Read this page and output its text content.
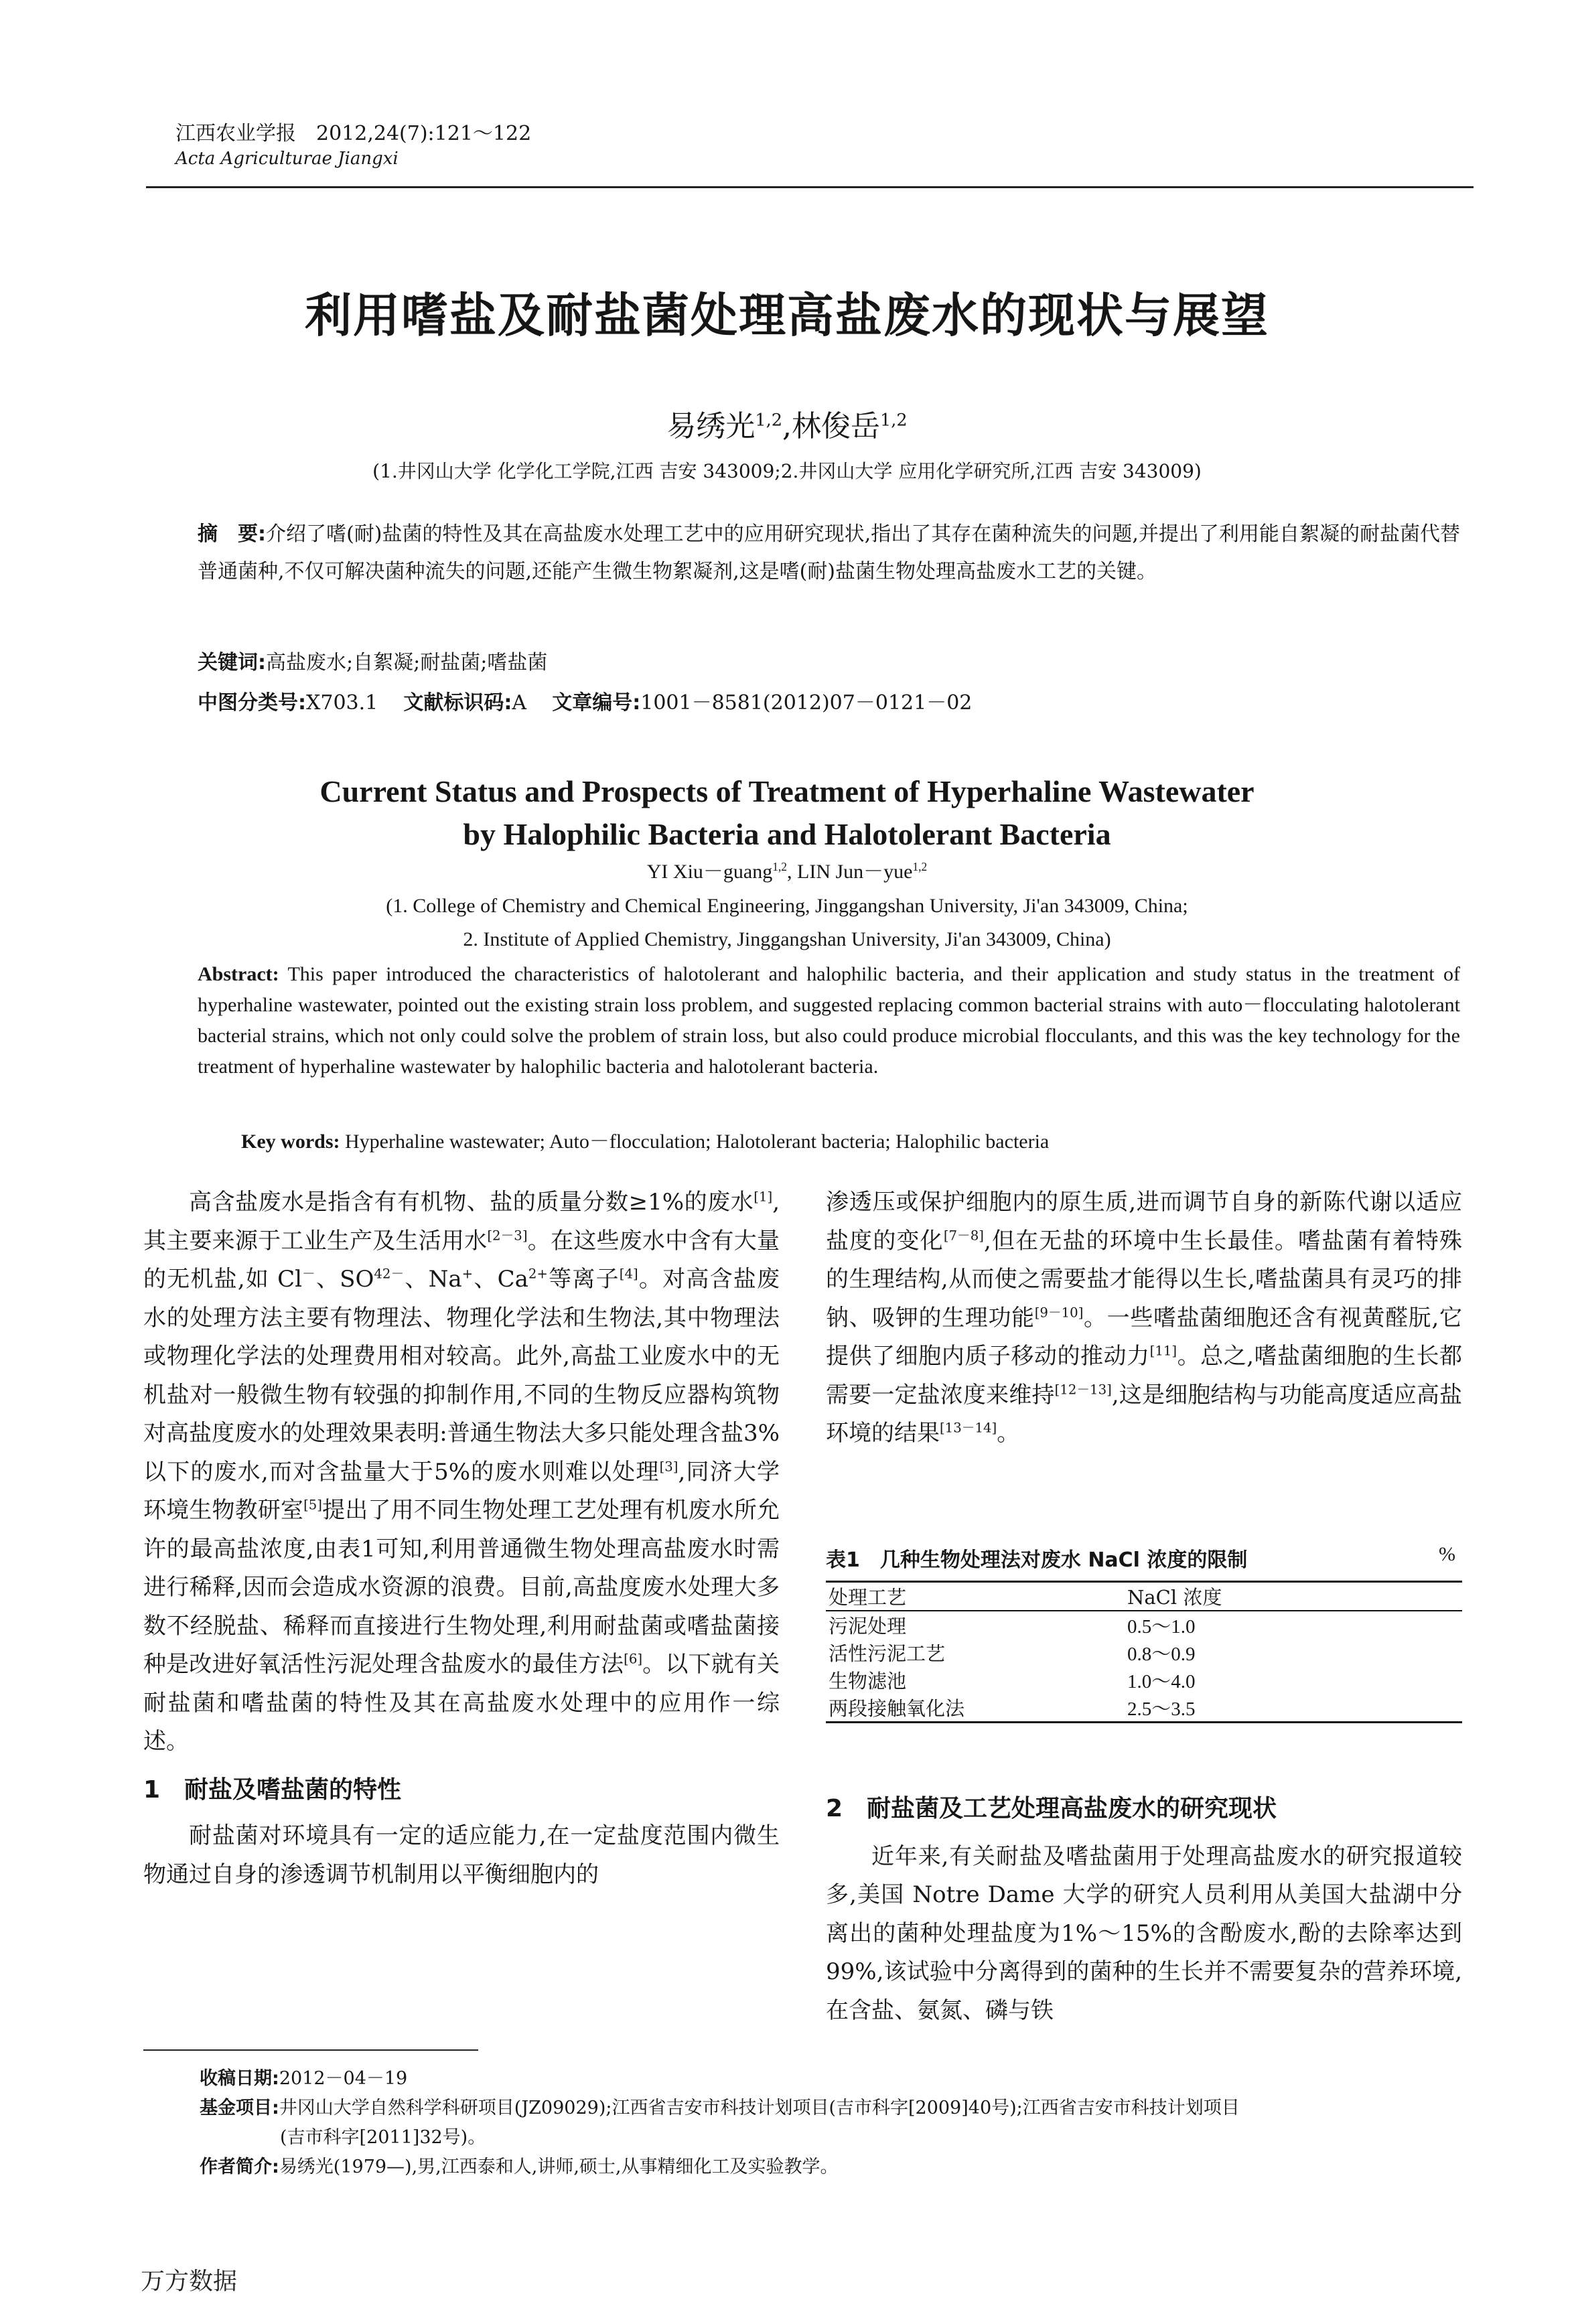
江西农业学报　2012,24(7):121～122
Acta Agriculturae Jiangxi
利用嗜盐及耐盐菌处理高盐废水的现状与展望
易绣光$^{1,2}$,林俊岳$^{1,2}$
(1.井冈山大学 化学化工学院,江西 吉安 343009;2.井冈山大学 应用化学研究所,江西 吉安 343009)
摘　要:介绍了嗜(耐)盐菌的特性及其在高盐废水处理工艺中的应用研究现状,指出了其存在菌种流失的问题,并提出了利用能自絮凝的耐盐菌代替普通菌种,不仅可解决菌种流失的问题,还能产生微生物絮凝剂,这是嗜(耐)盐菌生物处理高盐废水工艺的关键。
关键词:高盐废水;自絮凝;耐盐菌;嗜盐菌
中图分类号:X703.1 文献标识码:A 文章编号:1001－8581(2012)07－0121－02
Current Status and Prospects of Treatment of Hyperhaline Wastewater
by Halophilic Bacteria and Halotolerant Bacteria
YI Xiu－guang$^{1,2}$, LIN Jun－yue$^{1,2}$
(1. College of Chemistry and Chemical Engineering, Jinggangshan University, Ji'an 343009, China;
2. Institute of Applied Chemistry, Jinggangshan University, Ji'an 343009, China)
Abstract: This paper introduced the characteristics of halotolerant and halophilic bacteria, and their application and study status in the treatment of hyperhaline wastewater, pointed out the existing strain loss problem, and suggested replacing common bacterial strains with auto－flocculating halotolerant bacterial strains, which not only could solve the problem of strain loss, but also could produce microbial flocculants, and this was the key technology for the treatment of hyperhaline wastewater by halophilic bacteria and halotolerant bacteria.
Key words: Hyperhaline wastewater; Auto－flocculation; Halotolerant bacteria; Halophilic bacteria

高含盐废水是指含有有机物、盐的质量分数≥1%的废水[1],其主要来源于工业生产及生活用水[2－3]。在这些废水中含有大量的无机盐,如 Cl－、$SO_4^{2-}$、Na+、$Ca^{2+}$等离子[4]。对高含盐废水的处理方法主要有物理法、物理化学法和生物法,其中物理法或物理化学法的处理费用相对较高。此外,高盐工业废水中的无机盐对一般微生物有较强的抑制作用,不同的生物反应器构筑物对高盐度废水的处理效果表明:普通生物法大多只能处理含盐3%以下的废水,而对含盐量大于5%的废水则难以处理[3],同济大学环境生物教研室[5]提出了用不同生物处理工艺处理有机废水所允许的最高盐浓度,由表1可知,利用普通微生物处理高盐废水时需进行稀释,因而会造成水资源的浪费。目前,高盐度废水处理大多数不经脱盐、稀释而直接进行生物处理,利用耐盐菌或嗜盐菌接种是改进好氧活性污泥处理含盐废水的最佳方法[6]。以下就有关耐盐菌和嗜盐菌的特性及其在高盐废水处理中的应用作一综述。

1　耐盐及嗜盐菌的特性

耐盐菌对环境具有一定的适应能力,在一定盐度范围内微生物通过自身的渗透调节机制用以平衡细胞内的

渗透压或保护细胞内的原生质,进而调节自身的新陈代谢以适应盐度的变化[7－8],但在无盐的环境中生长最佳。嗜盐菌有着特殊的生理结构,从而使之需要盐才能得以生长,嗜盐菌具有灵巧的排钠、吸钾的生理功能[9－10]。一些嗜盐菌细胞还含有视黄醛朊,它提供了细胞内质子移动的推动力[11]。总之,嗜盐菌细胞的生长都需要一定盐浓度来维持[12－13],这是细胞结构与功能高度适应高盐环境的结果[13－14]。

表1　几种生物处理法对废水 NaCl 浓度的限制	%
处理工艺	NaCl 浓度
污泥处理	0.5～1.0
活性污泥工艺	0.8～0.9
生物滤池	1.0～4.0
两段接触氧化法	2.5～3.5
2　耐盐菌及工艺处理高盐废水的研究现状

近年来,有关耐盐及嗜盐菌用于处理高盐废水的研究报道较多,美国 Notre Dame 大学的研究人员利用从美国大盐湖中分离出的菌种处理盐度为1%～15%的含酚废水,酚的去除率达到99%,该试验中分离得到的菌种的生长并不需要复杂的营养环境,在含盐、氨氮、磷与铁

收稿日期:2012－04－19
基金项目:井冈山大学自然科学科研项目(JZ09029);江西省吉安市科技计划项目(吉市科字[2009]40号);江西省吉安市科技计划项目
(吉市科字[2011]32号)。
作者简介:易绣光(1979—),男,江西泰和人,讲师,硕士,从事精细化工及实验教学。
万方数据
